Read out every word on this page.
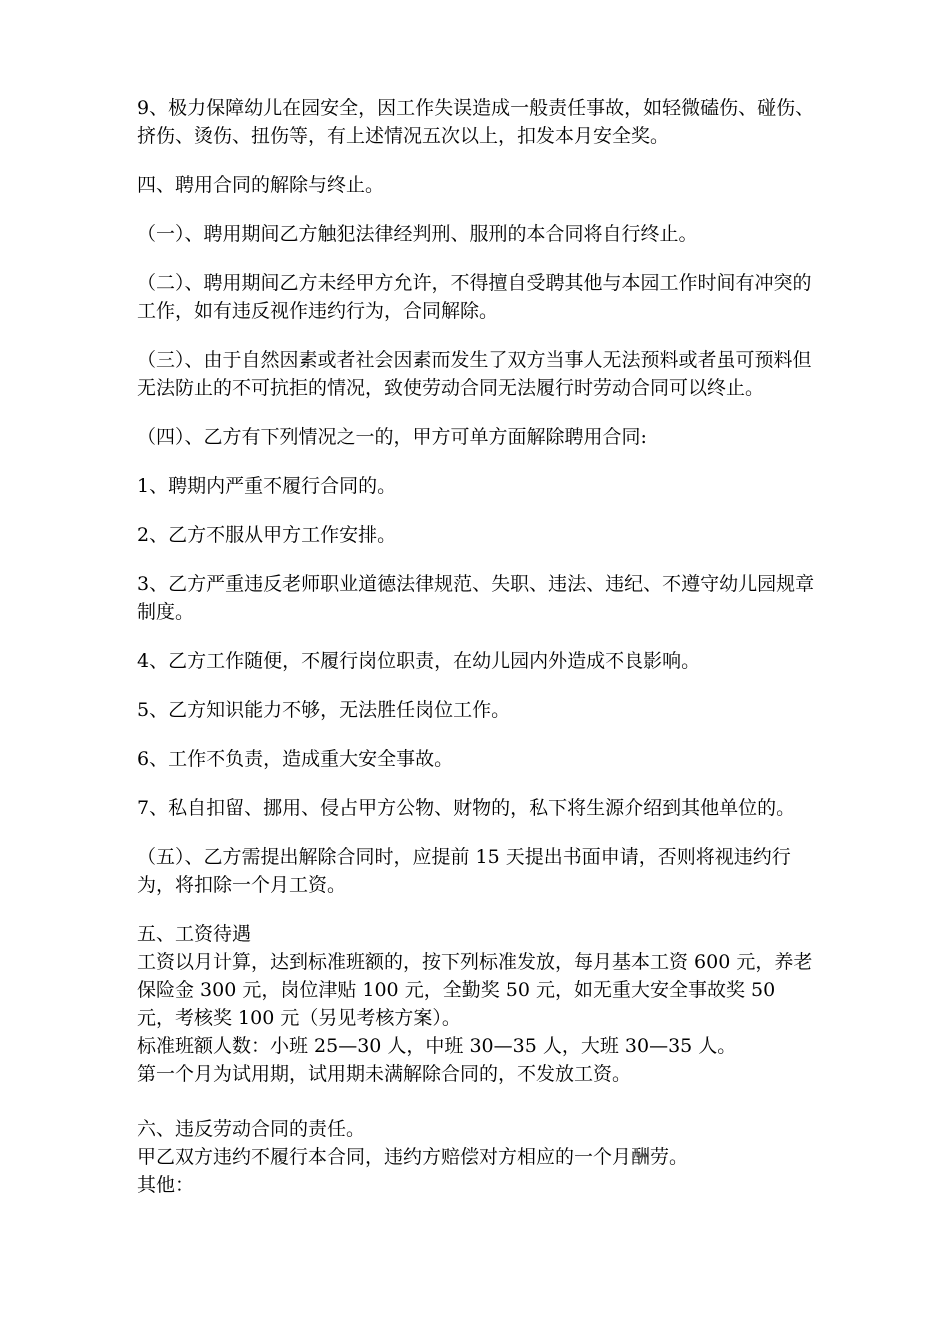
9、极力保障幼儿在园安全，因工作失误造成一般责任事故，如轻微磕伤、碰伤、挤伤、烫伤、扭伤等，有上述情况五次以上，扣发本月安全奖。

四、聘用合同的解除与终止。

（一）、聘用期间乙方触犯法律经判刑、服刑的本合同将自行终止。

（二）、聘用期间乙方未经甲方允许，不得擅自受聘其他与本园工作时间有冲突的工作，如有违反视作违约行为，合同解除。

（三）、由于自然因素或者社会因素而发生了双方当事人无法预料或者虽可预料但无法防止的不可抗拒的情况，致使劳动合同无法履行时劳动合同可以终止。

（四）、乙方有下列情况之一的，甲方可单方面解除聘用合同:

1、聘期内严重不履行合同的。

2、乙方不服从甲方工作安排。

3、乙方严重违反老师职业道德法律规范、失职、违法、违纪、不遵守幼儿园规章制度。

4、乙方工作随便，不履行岗位职责，在幼儿园内外造成不良影响。

5、乙方知识能力不够，无法胜任岗位工作。

6、工作不负责，造成重大安全事故。

7、私自扣留、挪用、侵占甲方公物、财物的，私下将生源介绍到其他单位的。

（五）、乙方需提出解除合同时，应提前 15 天提出书面申请，否则将视违约行为，将扣除一个月工资。

五、工资待遇

工资以月计算，达到标准班额的，按下列标准发放，每月基本工资 600 元，养老保险金 300 元，岗位津贴 100 元，全勤奖 50 元，如无重大安全事故奖 50 元，考核奖 100 元（另见考核方案）。

标准班额人数：小班 25—30 人，中班 30—35 人，大班 30—35 人。

第一个月为试用期，试用期未满解除合同的，不发放工资。

六、违反劳动合同的责任。

甲乙双方违约不履行本合同，违约方赔偿对方相应的一个月酬劳。

其他：
